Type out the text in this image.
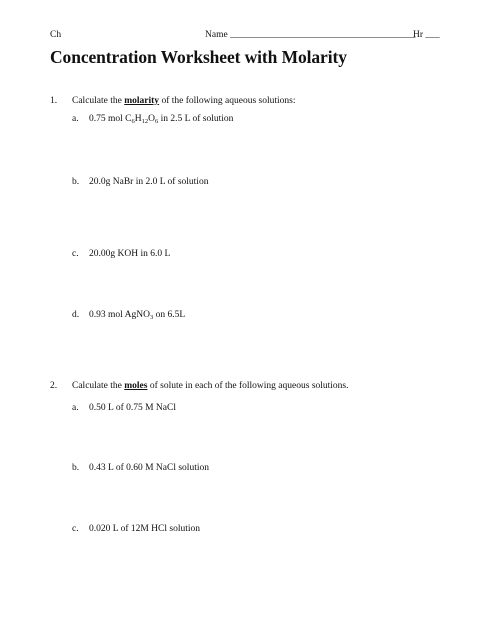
Ch	Name _______________________________________
Hr ___
Concentration Worksheet with Molarity
1. Calculate the molarity of the following aqueous solutions:
a. 0.75 mol $C_6H_{12}O_6$ in 2.5 L of solution
b. 20.0g NaBr in 2.0 L of solution
c. 20.00g KOH in 6.0 L
d. 0.93 mol AgNO$_3$ on 6.5L
2. Calculate the moles of solute in each of the following aqueous solutions.
a. 0.50 L of 0.75 M NaCl
b. 0.43 L of 0.60 M NaCl solution
c. 0.020 L of 12M HCl solution
